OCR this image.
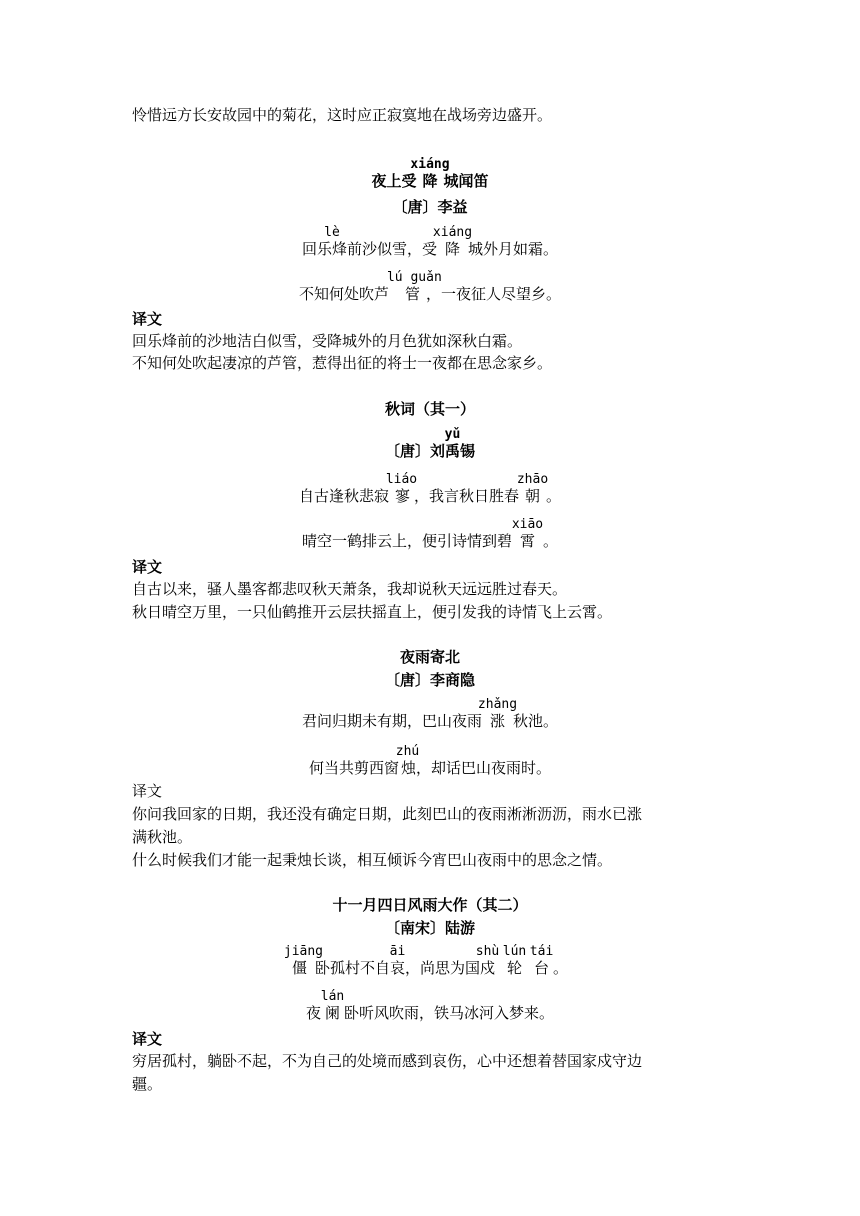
怜惜远方长安故园中的菊花，这时应正寂寞地在战场旁边盛开。
夜上受
xiáng
降 城闻笛
〔唐〕李益
lè
回乐烽前沙似雪，受
xiáng
降 城外月如霜。
不知何处吹芦
lú guǎn
管 ，一夜征人尽望乡。
译文
回乐烽前的沙地洁白似雪，受降城外的月色犹如深秋白霜。
不知何处吹起凄凉的芦管，惹得出征的将士一夜都在思念家乡。
秋词（其一）
〔唐〕刘
yǔ
禹锡
自古逢秋悲寂
liáo
寥 ，我言秋日胜春
zhāo
朝 。
晴空一鹤排云上，便引诗情到碧
xiāo
霄 。
译文
自古以来，骚人墨客都悲叹秋天萧条，我却说秋天远远胜过春天。
秋日晴空万里，一只仙鹤推开云层扶摇直上，便引发我的诗情飞上云霄。
夜雨寄北
〔唐〕李商隐
君问归期未有期，巴山夜雨
zhǎng
涨 秋池。
何当共剪西窗
zhú
烛，却话巴山夜雨时。
译文
你问我回家的日期，我还没有确定日期，此刻巴山的夜雨淅淅沥沥，雨水已涨
满秋池。
什么时候我们才能一起秉烛长谈，相互倾诉今宵巴山夜雨中的思念之情。
十一月四日风雨大作（其二）
〔南宋〕陆游
jiāng
僵 卧孤村不自
āi
哀，尚思为国
shù
戍
lún
轮
tái
台 。
夜
lán
阑 卧听风吹雨，铁马冰河入梦来。
译文
穷居孤村，躺卧不起，不为自己的处境而感到哀伤，心中还想着替国家戍守边
疆。
